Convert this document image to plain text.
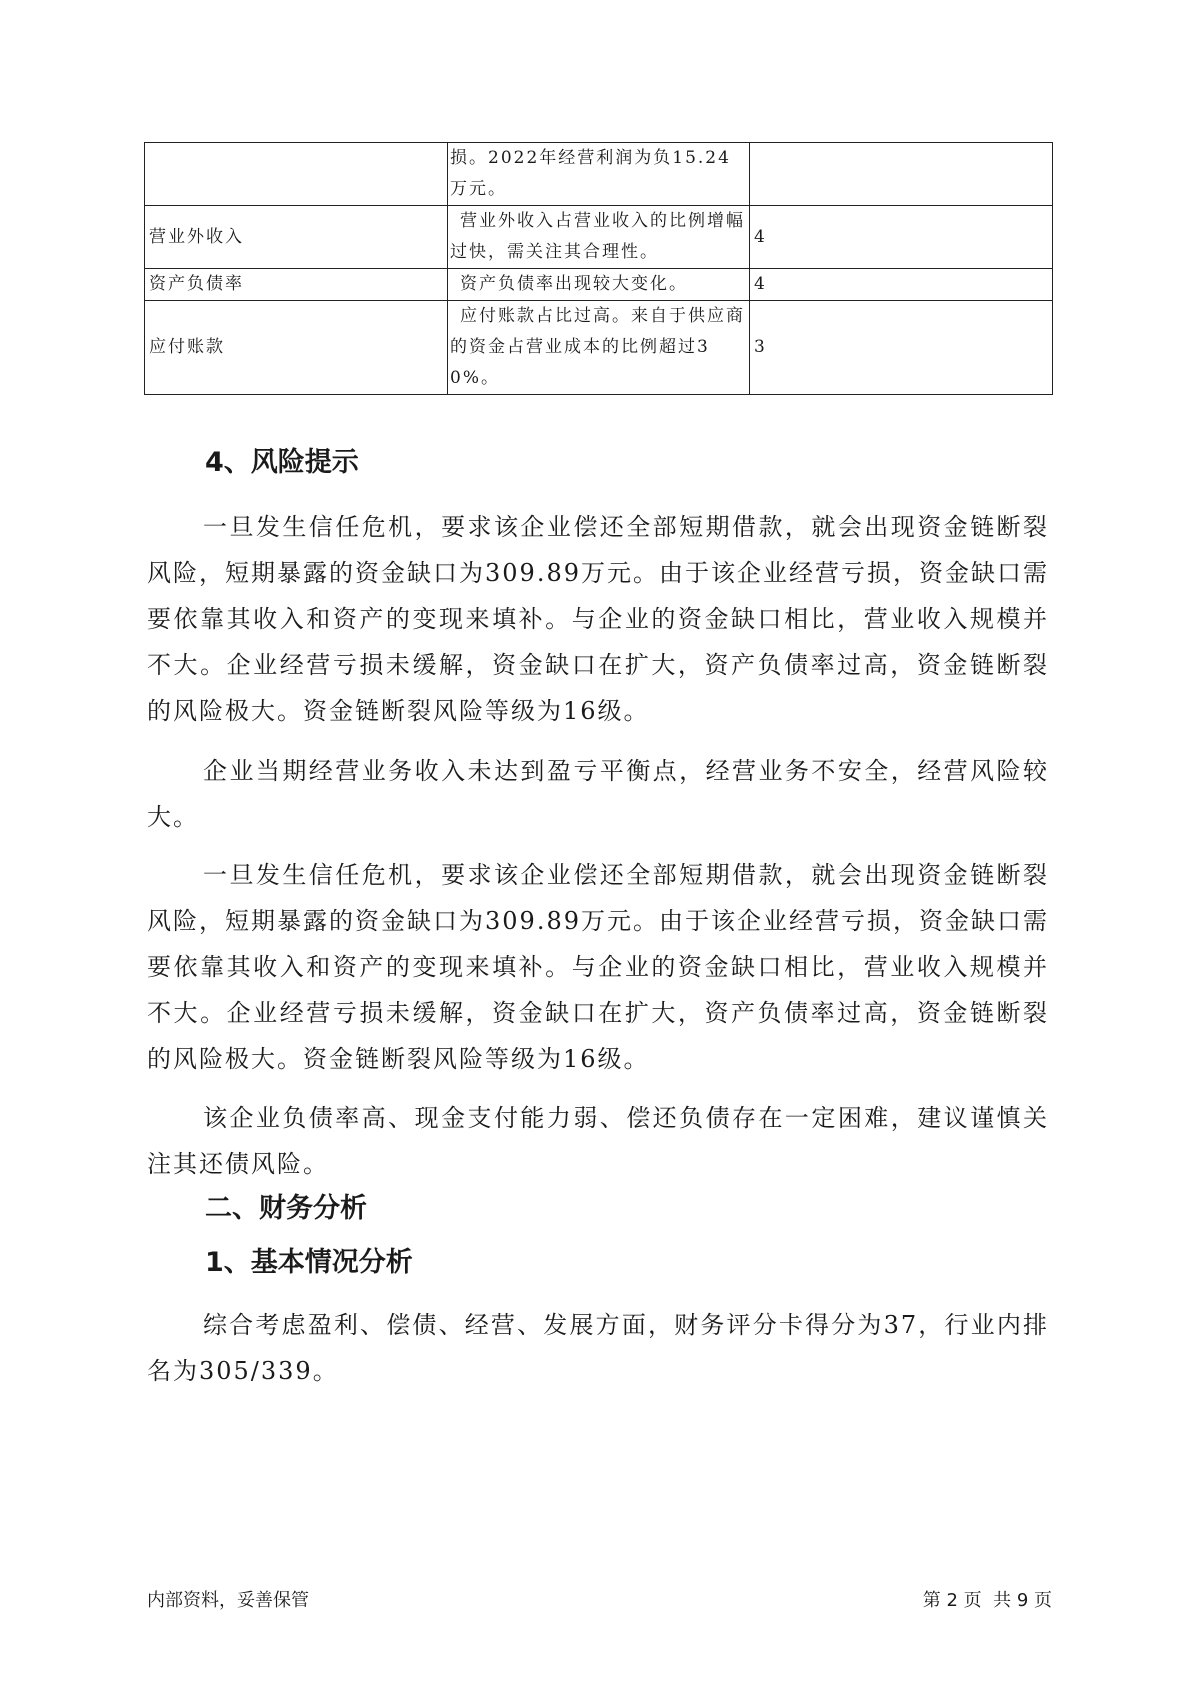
	损。2022年经营利润为负15.24万元。	

营业外收入	营业外收入占营业收入的比例增幅过快，需关注其合理性。	4
资产负债率	资产负债率出现较大变化。	4
应付账款	应付账款占比过高。来自于供应商的资金占营业成本的比例超过30%。	3
4、风险提示

一旦发生信任危机，要求该企业偿还全部短期借款，就会出现资金链断裂风险，短期暴露的资金缺口为309.89万元。由于该企业经营亏损，资金缺口需要依靠其收入和资产的变现来填补。与企业的资金缺口相比，营业收入规模并不大。企业经营亏损未缓解，资金缺口在扩大，资产负债率过高，资金链断裂的风险极大。资金链断裂风险等级为16级。

企业当期经营业务收入未达到盈亏平衡点，经营业务不安全，经营风险较大。

一旦发生信任危机，要求该企业偿还全部短期借款，就会出现资金链断裂风险，短期暴露的资金缺口为309.89万元。由于该企业经营亏损，资金缺口需要依靠其收入和资产的变现来填补。与企业的资金缺口相比，营业收入规模并不大。企业经营亏损未缓解，资金缺口在扩大，资产负债率过高，资金链断裂的风险极大。资金链断裂风险等级为16级。

该企业负债率高、现金支付能力弱、偿还负债存在一定困难，建议谨慎关注其还债风险。

二、财务分析
1、基本情况分析

综合考虑盈利、偿债、经营、发展方面，财务评分卡得分为37，行业内排名为305/339。

内部资料，妥善保管	第 2 页  共 9 页
